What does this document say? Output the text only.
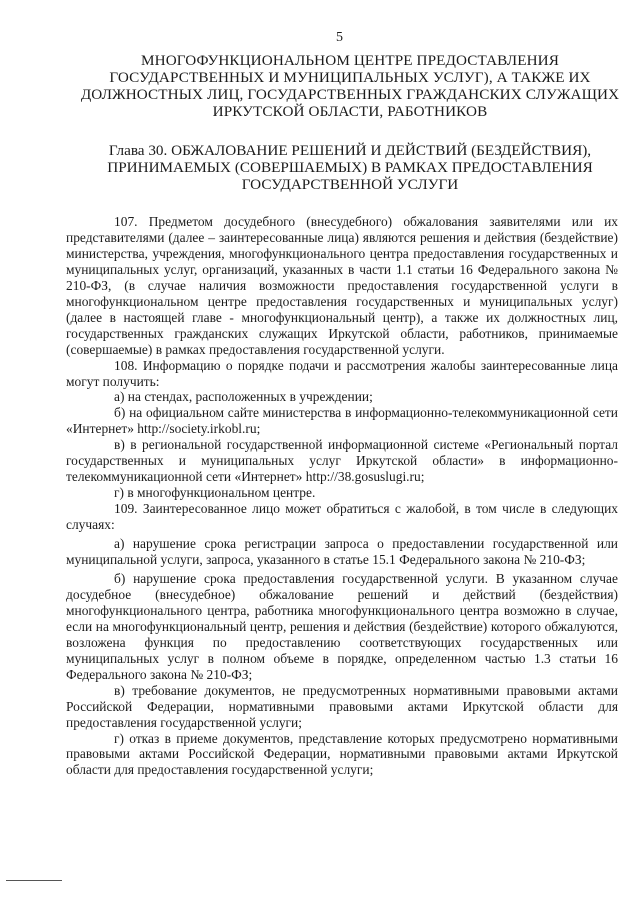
5
МНОГОФУНКЦИОНАЛЬНОМ ЦЕНТРЕ ПРЕДОСТАВЛЕНИЯ ГОСУДАРСТВЕННЫХ И МУНИЦИПАЛЬНЫХ УСЛУГ), А ТАКЖЕ ИХ ДОЛЖНОСТНЫХ ЛИЦ, ГОСУДАРСТВЕННЫХ ГРАЖДАНСКИХ СЛУЖАЩИХ ИРКУТСКОЙ ОБЛАСТИ, РАБОТНИКОВ
Глава 30. ОБЖАЛОВАНИЕ РЕШЕНИЙ И ДЕЙСТВИЙ (БЕЗДЕЙСТВИЯ), ПРИНИМАЕМЫХ (СОВЕРШАЕМЫХ) В РАМКАХ ПРЕДОСТАВЛЕНИЯ ГОСУДАРСТВЕННОЙ УСЛУГИ

107. Предметом досудебного (внесудебного) обжалования заявителями или их представителями (далее – заинтересованные лица) являются решения и действия (бездействие) министерства, учреждения, многофункционального центра предоставления государственных и муниципальных услуг, организаций, указанных в части 1.1 статьи 16 Федерального закона № 210-ФЗ, (в случае наличия возможности предоставления государственной услуги в многофункциональном центре предоставления государственных и муниципальных услуг) (далее в настоящей главе - многофункциональный центр), а также их должностных лиц, государственных гражданских служащих Иркутской области, работников, принимаемые (совершаемые) в рамках предоставления государственной услуги.

108. Информацию о порядке подачи и рассмотрения жалобы заинтересованные лица могут получить:

а) на стендах, расположенных в учреждении;

б) на официальном сайте министерства в информационно-телекоммуникационной сети «Интернет» http://society.irkobl.ru;

в) в региональной государственной информационной системе «Региональный портал государственных и муниципальных услуг Иркутской области» в информационно-телекоммуникационной сети «Интернет» http://38.gosuslugi.ru;

г) в многофункциональном центре.

109. Заинтересованное лицо может обратиться с жалобой, в том числе в следующих случаях:

а) нарушение срока регистрации запроса о предоставлении государственной или муниципальной услуги, запроса, указанного в статье 15.1 Федерального закона № 210-ФЗ;

б) нарушение срока предоставления государственной услуги. В указанном случае досудебное (внесудебное) обжалование решений и действий (бездействия) многофункционального центра, работника многофункционального центра возможно в случае, если на многофункциональный центр, решения и действия (бездействие) которого обжалуются, возложена функция по предоставлению соответствующих государственных или муниципальных услуг в полном объеме в порядке, определенном частью 1.3 статьи 16 Федерального закона № 210-ФЗ;

в) требование документов, не предусмотренных нормативными правовыми актами Российской Федерации, нормативными правовыми актами Иркутской области для предоставления государственной услуги;

г) отказ в приеме документов, представление которых предусмотрено нормативными правовыми актами Российской Федерации, нормативными правовыми актами Иркутской области для предоставления государственной услуги;
